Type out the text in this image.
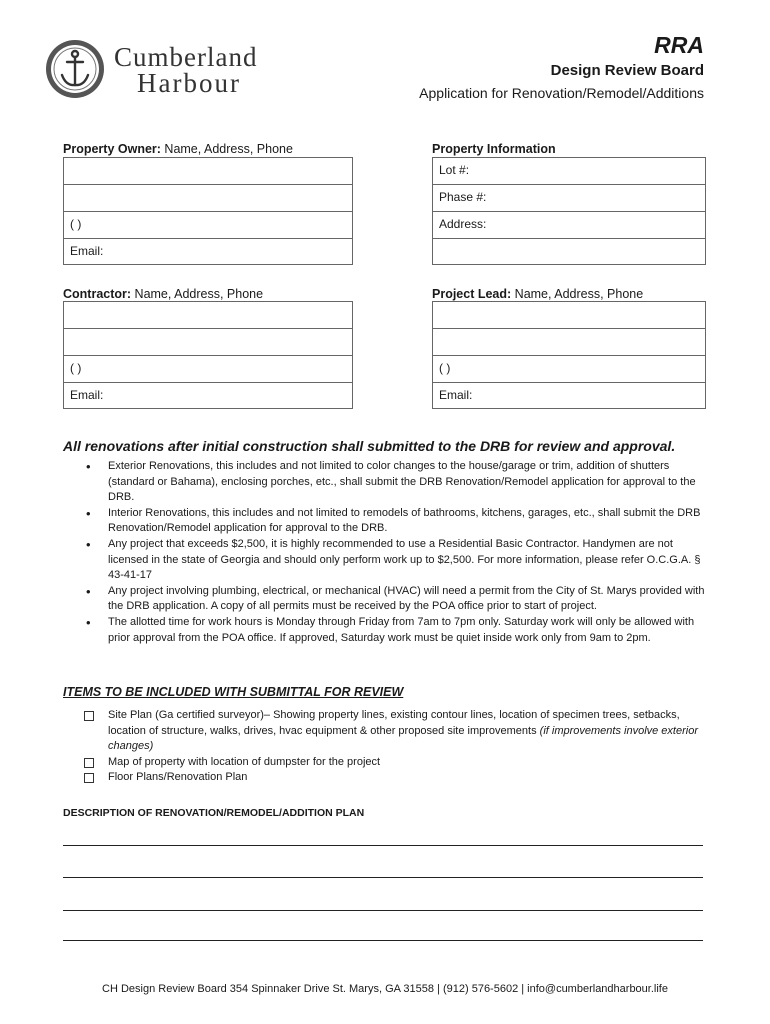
Cumberland
Harbour
RRA
Design Review Board
Application for Renovation/Remodel/Additions
Property Owner: Name, Address, Phone
( )
Email:
Property Information
Lot #:
Phase #:
Address:
Contractor: Name, Address, Phone
( )
Email:
Project Lead: Name, Address, Phone
( )
Email:
All renovations after initial construction shall submitted to the DRB for review and approval.
• Exterior Renovations, this includes and not limited to color changes to the house/garage or trim, addition of shutters (standard or Bahama), enclosing porches, etc., shall submit the DRB Renovation/Remodel application for approval to the DRB.
• Interior Renovations, this includes and not limited to remodels of bathrooms, kitchens, garages, etc., shall submit the DRB Renovation/Remodel application for approval to the DRB.
• Any project that exceeds $2,500, it is highly recommended to use a Residential Basic Contractor. Handymen are not licensed in the state of Georgia and should only perform work up to $2,500. For more information, please refer O.C.G.A. § 43-41-17
• Any project involving plumbing, electrical, or mechanical (HVAC) will need a permit from the City of St. Marys provided with the DRB application. A copy of all permits must be received by the POA office prior to start of project.
• The allotted time for work hours is Monday through Friday from 7am to 7pm only. Saturday work will only be allowed with prior approval from the POA office. If approved, Saturday work must be quiet inside work only from 9am to 2pm.
ITEMS TO BE INCLUDED WITH SUBMITTAL FOR REVIEW
Site Plan (Ga certified surveyor)– Showing property lines, existing contour lines, location of specimen trees, setbacks, location of structure, walks, drives, hvac equipment & other proposed site improvements (if improvements involve exterior changes)
Map of property with location of dumpster for the project
Floor Plans/Renovation Plan
DESCRIPTION OF RENOVATION/REMODEL/ADDITION PLAN
CH Design Review Board 354 Spinnaker Drive St. Marys, GA 31558 | (912) 576-5602 | info@cumberlandharbour.life
